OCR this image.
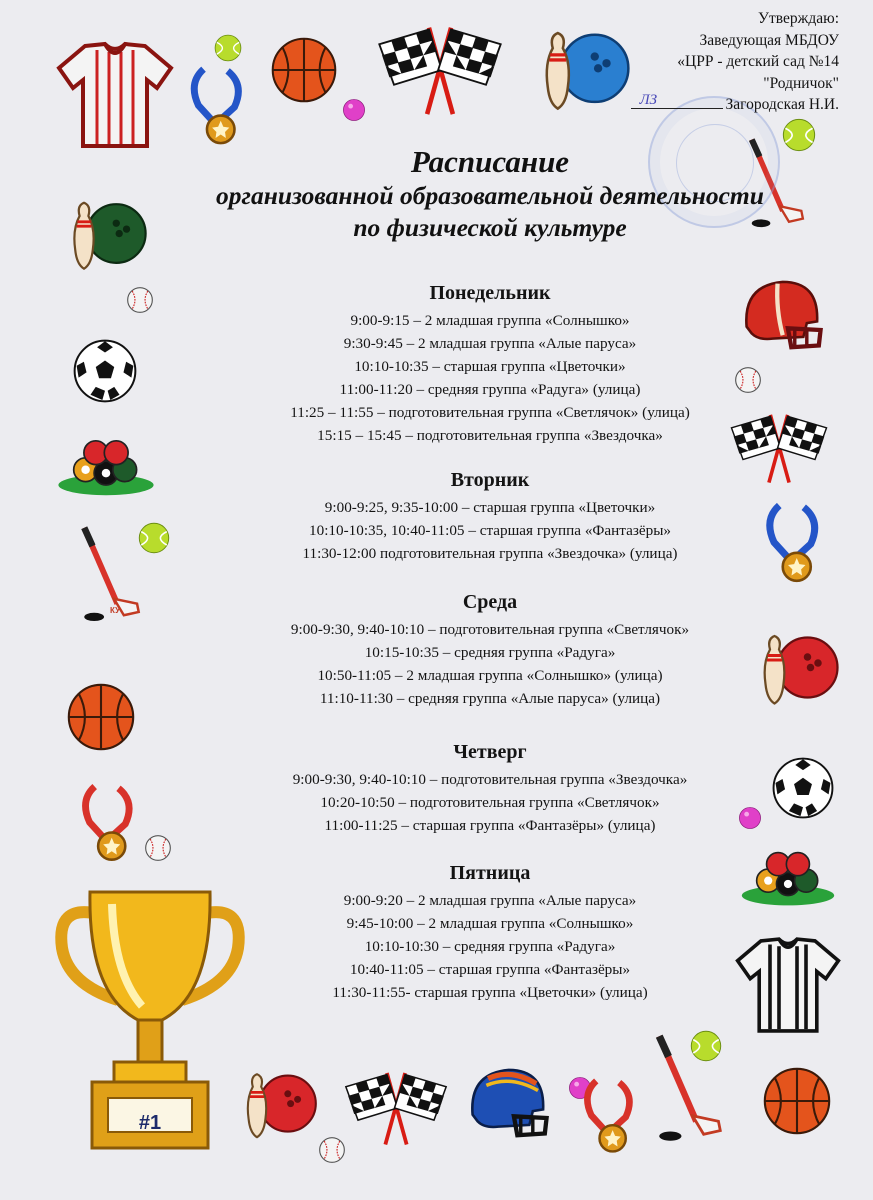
#1
Утверждаю:
Заведующая МБДОУ
«ЦРР - детский сад №14
"Родничок"
ЛЗ	Загородская Н.И.
Расписание
организованной образовательной деятельности
по физической культуре
Понедельник
9:00-9:15 – 2 младшая группа «Солнышко»
9:30-9:45 – 2 младшая группа «Алые паруса»
10:10-10:35 – старшая группа «Цветочки»
11:00-11:20 – средняя группа «Радуга» (улица)
11:25 – 11:55 – подготовительная группа «Светлячок» (улица)
15:15 – 15:45 – подготовительная группа «Звездочка»
Вторник
9:00-9:25, 9:35-10:00 – старшая группа «Цветочки»
10:10-10:35, 10:40-11:05 – старшая группа «Фантазёры»
11:30-12:00 подготовительная группа «Звездочка» (улица)
Среда
9:00-9:30, 9:40-10:10 – подготовительная группа «Светлячок»
10:15-10:35 – средняя группа «Радуга»
10:50-11:05 – 2 младшая группа «Солнышко» (улица)
11:10-11:30 – средняя группа «Алые паруса» (улица)
Четверг
9:00-9:30, 9:40-10:10 – подготовительная группа «Звездочка»
10:20-10:50 – подготовительная группа «Светлячок»
11:00-11:25 – старшая группа «Фантазёры» (улица)
Пятница
9:00-9:20 – 2 младшая группа «Алые паруса»
9:45-10:00 – 2 младшая группа «Солнышко»
10:10-10:30 – средняя группа «Радуга»
10:40-11:05 – старшая группа «Фантазёры»
11:30-11:55- старшая группа «Цветочки» (улица)
КУ
